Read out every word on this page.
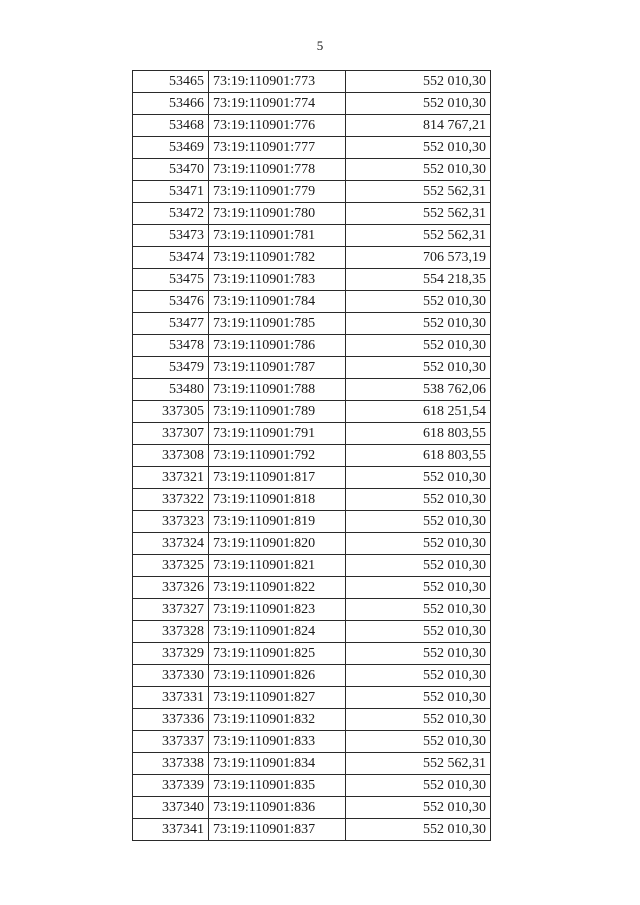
5
53465	73:19:110901:773	552 010,30
53466	73:19:110901:774	552 010,30
53468	73:19:110901:776	814 767,21
53469	73:19:110901:777	552 010,30
53470	73:19:110901:778	552 010,30
53471	73:19:110901:779	552 562,31
53472	73:19:110901:780	552 562,31
53473	73:19:110901:781	552 562,31
53474	73:19:110901:782	706 573,19
53475	73:19:110901:783	554 218,35
53476	73:19:110901:784	552 010,30
53477	73:19:110901:785	552 010,30
53478	73:19:110901:786	552 010,30
53479	73:19:110901:787	552 010,30
53480	73:19:110901:788	538 762,06
337305	73:19:110901:789	618 251,54
337307	73:19:110901:791	618 803,55
337308	73:19:110901:792	618 803,55
337321	73:19:110901:817	552 010,30
337322	73:19:110901:818	552 010,30
337323	73:19:110901:819	552 010,30
337324	73:19:110901:820	552 010,30
337325	73:19:110901:821	552 010,30
337326	73:19:110901:822	552 010,30
337327	73:19:110901:823	552 010,30
337328	73:19:110901:824	552 010,30
337329	73:19:110901:825	552 010,30
337330	73:19:110901:826	552 010,30
337331	73:19:110901:827	552 010,30
337336	73:19:110901:832	552 010,30
337337	73:19:110901:833	552 010,30
337338	73:19:110901:834	552 562,31
337339	73:19:110901:835	552 010,30
337340	73:19:110901:836	552 010,30
337341	73:19:110901:837	552 010,30
